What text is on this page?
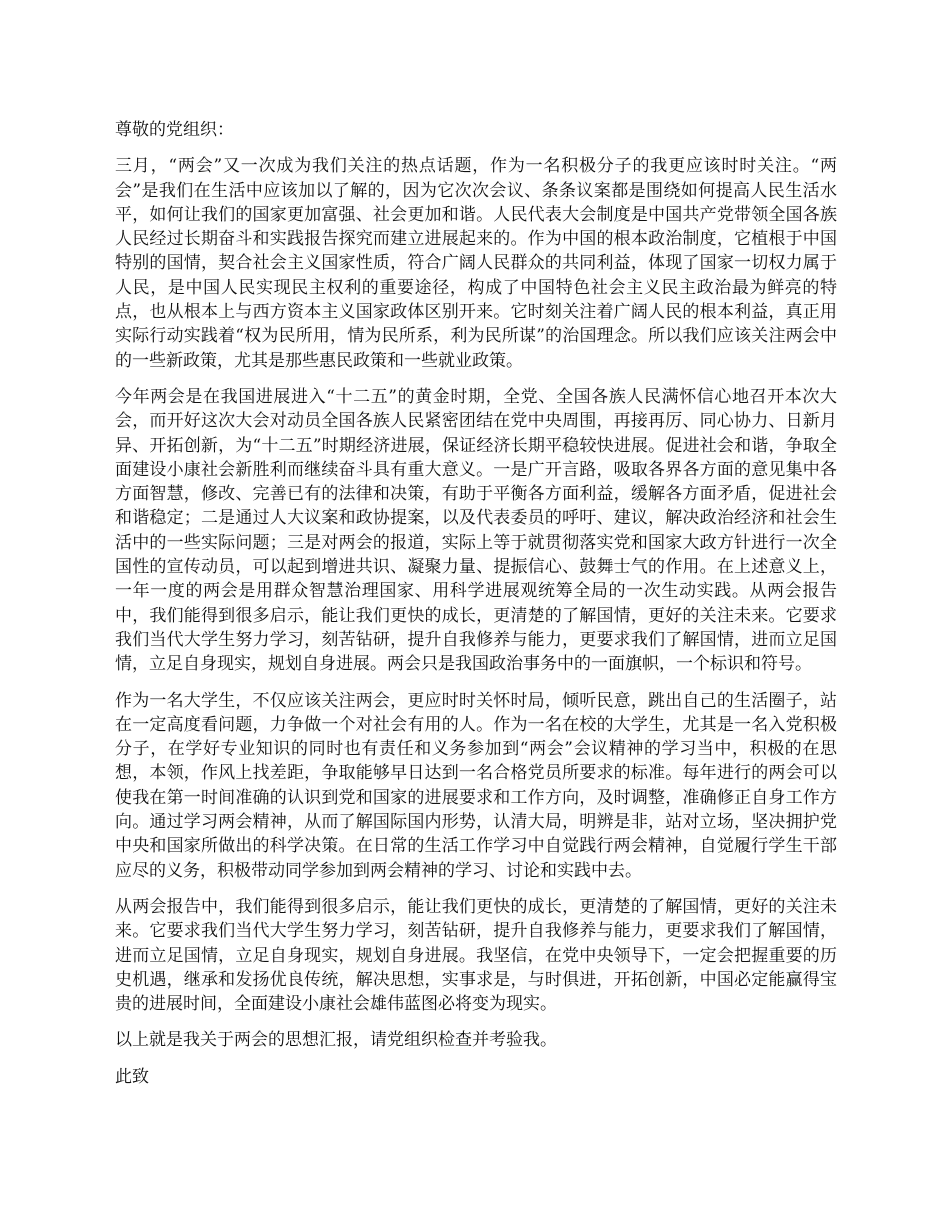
尊敬的党组织：

三月，“两会”又一次成为我们关注的热点话题，作为一名积极分子的我更应该时时关注。“两会”是我们在生活中应该加以了解的，因为它次次会议、条条议案都是围绕如何提高人民生活水平，如何让我们的国家更加富强、社会更加和谐。人民代表大会制度是中国共产党带领全国各族人民经过长期奋斗和实践报告探究而建立进展起来的。作为中国的根本政治制度，它植根于中国特别的国情，契合社会主义国家性质，符合广阔人民群众的共同利益，体现了国家一切权力属于人民，是中国人民实现民主权利的重要途径，构成了中国特色社会主义民主政治最为鲜亮的特点，也从根本上与西方资本主义国家政体区别开来。它时刻关注着广阔人民的根本利益，真正用实际行动实践着“权为民所用，情为民所系，利为民所谋”的治国理念。所以我们应该关注两会中的一些新政策，尤其是那些惠民政策和一些就业政策。

今年两会是在我国进展进入“十二五”的黄金时期，全党、全国各族人民满怀信心地召开本次大会，而开好这次大会对动员全国各族人民紧密团结在党中央周围，再接再厉、同心协力、日新月异、开拓创新，为“十二五”时期经济进展，保证经济长期平稳较快进展。促进社会和谐，争取全面建设小康社会新胜利而继续奋斗具有重大意义。一是广开言路，吸取各界各方面的意见集中各方面智慧，修改、完善已有的法律和决策，有助于平衡各方面利益，缓解各方面矛盾，促进社会和谐稳定；二是通过人大议案和政协提案，以及代表委员的呼吁、建议，解决政治经济和社会生活中的一些实际问题；三是对两会的报道，实际上等于就贯彻落实党和国家大政方针进行一次全国性的宣传动员，可以起到增进共识、凝聚力量、提振信心、鼓舞士气的作用。在上述意义上，一年一度的两会是用群众智慧治理国家、用科学进展观统筹全局的一次生动实践。从两会报告中，我们能得到很多启示，能让我们更快的成长，更清楚的了解国情，更好的关注未来。它要求我们当代大学生努力学习，刻苦钻研，提升自我修养与能力，更要求我们了解国情，进而立足国情，立足自身现实，规划自身进展。两会只是我国政治事务中的一面旗帜，一个标识和符号。

作为一名大学生，不仅应该关注两会，更应时时关怀时局，倾听民意，跳出自己的生活圈子，站在一定高度看问题，力争做一个对社会有用的人。作为一名在校的大学生，尤其是一名入党积极分子，在学好专业知识的同时也有责任和义务参加到“两会”会议精神的学习当中，积极的在思想，本领，作风上找差距，争取能够早日达到一名合格党员所要求的标准。每年进行的两会可以使我在第一时间准确的认识到党和国家的进展要求和工作方向，及时调整，准确修正自身工作方向。通过学习两会精神，从而了解国际国内形势，认清大局，明辨是非，站对立场，坚决拥护党中央和国家所做出的科学决策。在日常的生活工作学习中自觉践行两会精神，自觉履行学生干部应尽的义务，积极带动同学参加到两会精神的学习、讨论和实践中去。

从两会报告中，我们能得到很多启示，能让我们更快的成长，更清楚的了解国情，更好的关注未来。它要求我们当代大学生努力学习，刻苦钻研，提升自我修养与能力，更要求我们了解国情，进而立足国情，立足自身现实，规划自身进展。我坚信，在党中央领导下，一定会把握重要的历史机遇，继承和发扬优良传统，解决思想，实事求是，与时俱进，开拓创新，中国必定能赢得宝贵的进展时间，全面建设小康社会雄伟蓝图必将变为现实。

以上就是我关于两会的思想汇报，请党组织检查并考验我。

此致
